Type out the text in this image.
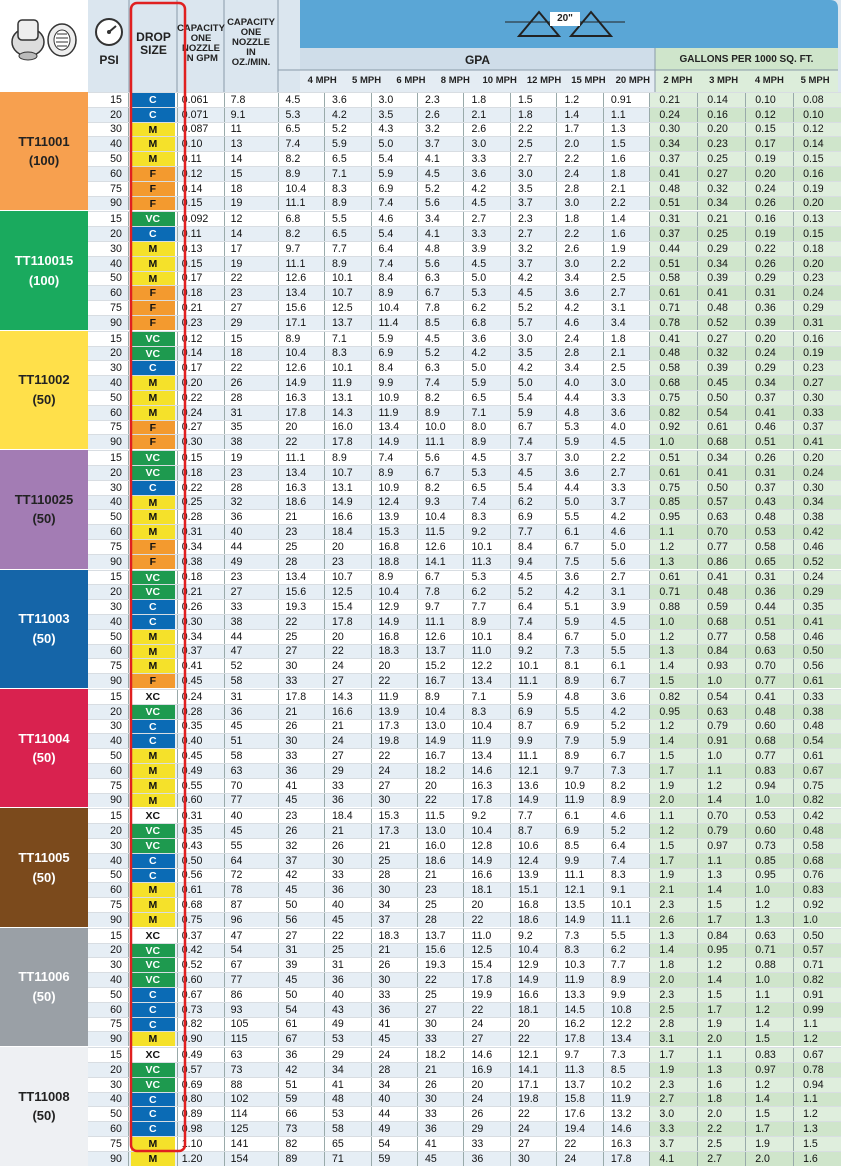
PSI
DROP
SIZE
CAPACITY
ONE
NOZZLE
IN GPM
CAPACITY
ONE
NOZZLE
IN
OZ./MIN.
20"
GPA	GALLONS PER 1000 SQ. FT.
4 MPH	5 MPH	6 MPH	8 MPH	10 MPH	12 MPH	15 MPH	20 MPH	2 MPH	3 MPH	4 MPH	5 MPH
TT11001
(100)
15	C	0.061	7.8	4.5	3.6	3.0	2.3	1.8	1.5	1.2	0.91	0.21	0.14	0.10	0.08
20	C	0.071	9.1	5.3	4.2	3.5	2.6	2.1	1.8	1.4	1.1	0.24	0.16	0.12	0.10
30	M	0.087	11	6.5	5.2	4.3	3.2	2.6	2.2	1.7	1.3	0.30	0.20	0.15	0.12
40	M	0.10	13	7.4	5.9	5.0	3.7	3.0	2.5	2.0	1.5	0.34	0.23	0.17	0.14
50	M	0.11	14	8.2	6.5	5.4	4.1	3.3	2.7	2.2	1.6	0.37	0.25	0.19	0.15
60	F	0.12	15	8.9	7.1	5.9	4.5	3.6	3.0	2.4	1.8	0.41	0.27	0.20	0.16
75	F	0.14	18	10.4	8.3	6.9	5.2	4.2	3.5	2.8	2.1	0.48	0.32	0.24	0.19
90	F	0.15	19	11.1	8.9	7.4	5.6	4.5	3.7	3.0	2.2	0.51	0.34	0.26	0.20
TT110015
(100)
15	VC	0.092	12	6.8	5.5	4.6	3.4	2.7	2.3	1.8	1.4	0.31	0.21	0.16	0.13
20	C	0.11	14	8.2	6.5	5.4	4.1	3.3	2.7	2.2	1.6	0.37	0.25	0.19	0.15
30	M	0.13	17	9.7	7.7	6.4	4.8	3.9	3.2	2.6	1.9	0.44	0.29	0.22	0.18
40	M	0.15	19	11.1	8.9	7.4	5.6	4.5	3.7	3.0	2.2	0.51	0.34	0.26	0.20
50	M	0.17	22	12.6	10.1	8.4	6.3	5.0	4.2	3.4	2.5	0.58	0.39	0.29	0.23
60	F	0.18	23	13.4	10.7	8.9	6.7	5.3	4.5	3.6	2.7	0.61	0.41	0.31	0.24
75	F	0.21	27	15.6	12.5	10.4	7.8	6.2	5.2	4.2	3.1	0.71	0.48	0.36	0.29
90	F	0.23	29	17.1	13.7	11.4	8.5	6.8	5.7	4.6	3.4	0.78	0.52	0.39	0.31
TT11002
(50)
15	VC	0.12	15	8.9	7.1	5.9	4.5	3.6	3.0	2.4	1.8	0.41	0.27	0.20	0.16
20	VC	0.14	18	10.4	8.3	6.9	5.2	4.2	3.5	2.8	2.1	0.48	0.32	0.24	0.19
30	C	0.17	22	12.6	10.1	8.4	6.3	5.0	4.2	3.4	2.5	0.58	0.39	0.29	0.23
40	M	0.20	26	14.9	11.9	9.9	7.4	5.9	5.0	4.0	3.0	0.68	0.45	0.34	0.27
50	M	0.22	28	16.3	13.1	10.9	8.2	6.5	5.4	4.4	3.3	0.75	0.50	0.37	0.30
60	M	0.24	31	17.8	14.3	11.9	8.9	7.1	5.9	4.8	3.6	0.82	0.54	0.41	0.33
75	F	0.27	35	20	16.0	13.4	10.0	8.0	6.7	5.3	4.0	0.92	0.61	0.46	0.37
90	F	0.30	38	22	17.8	14.9	11.1	8.9	7.4	5.9	4.5	1.0	0.68	0.51	0.41
TT110025
(50)
15	VC	0.15	19	11.1	8.9	7.4	5.6	4.5	3.7	3.0	2.2	0.51	0.34	0.26	0.20
20	VC	0.18	23	13.4	10.7	8.9	6.7	5.3	4.5	3.6	2.7	0.61	0.41	0.31	0.24
30	C	0.22	28	16.3	13.1	10.9	8.2	6.5	5.4	4.4	3.3	0.75	0.50	0.37	0.30
40	M	0.25	32	18.6	14.9	12.4	9.3	7.4	6.2	5.0	3.7	0.85	0.57	0.43	0.34
50	M	0.28	36	21	16.6	13.9	10.4	8.3	6.9	5.5	4.2	0.95	0.63	0.48	0.38
60	M	0.31	40	23	18.4	15.3	11.5	9.2	7.7	6.1	4.6	1.1	0.70	0.53	0.42
75	F	0.34	44	25	20	16.8	12.6	10.1	8.4	6.7	5.0	1.2	0.77	0.58	0.46
90	F	0.38	49	28	23	18.8	14.1	11.3	9.4	7.5	5.6	1.3	0.86	0.65	0.52
TT11003
(50)
15	VC	0.18	23	13.4	10.7	8.9	6.7	5.3	4.5	3.6	2.7	0.61	0.41	0.31	0.24
20	VC	0.21	27	15.6	12.5	10.4	7.8	6.2	5.2	4.2	3.1	0.71	0.48	0.36	0.29
30	C	0.26	33	19.3	15.4	12.9	9.7	7.7	6.4	5.1	3.9	0.88	0.59	0.44	0.35
40	C	0.30	38	22	17.8	14.9	11.1	8.9	7.4	5.9	4.5	1.0	0.68	0.51	0.41
50	M	0.34	44	25	20	16.8	12.6	10.1	8.4	6.7	5.0	1.2	0.77	0.58	0.46
60	M	0.37	47	27	22	18.3	13.7	11.0	9.2	7.3	5.5	1.3	0.84	0.63	0.50
75	M	0.41	52	30	24	20	15.2	12.2	10.1	8.1	6.1	1.4	0.93	0.70	0.56
90	F	0.45	58	33	27	22	16.7	13.4	11.1	8.9	6.7	1.5	1.0	0.77	0.61
TT11004
(50)
15	XC	0.24	31	17.8	14.3	11.9	8.9	7.1	5.9	4.8	3.6	0.82	0.54	0.41	0.33
20	VC	0.28	36	21	16.6	13.9	10.4	8.3	6.9	5.5	4.2	0.95	0.63	0.48	0.38
30	C	0.35	45	26	21	17.3	13.0	10.4	8.7	6.9	5.2	1.2	0.79	0.60	0.48
40	C	0.40	51	30	24	19.8	14.9	11.9	9.9	7.9	5.9	1.4	0.91	0.68	0.54
50	M	0.45	58	33	27	22	16.7	13.4	11.1	8.9	6.7	1.5	1.0	0.77	0.61
60	M	0.49	63	36	29	24	18.2	14.6	12.1	9.7	7.3	1.7	1.1	0.83	0.67
75	M	0.55	70	41	33	27	20	16.3	13.6	10.9	8.2	1.9	1.2	0.94	0.75
90	M	0.60	77	45	36	30	22	17.8	14.9	11.9	8.9	2.0	1.4	1.0	0.82
TT11005
(50)
15	XC	0.31	40	23	18.4	15.3	11.5	9.2	7.7	6.1	4.6	1.1	0.70	0.53	0.42
20	VC	0.35	45	26	21	17.3	13.0	10.4	8.7	6.9	5.2	1.2	0.79	0.60	0.48
30	VC	0.43	55	32	26	21	16.0	12.8	10.6	8.5	6.4	1.5	0.97	0.73	0.58
40	C	0.50	64	37	30	25	18.6	14.9	12.4	9.9	7.4	1.7	1.1	0.85	0.68
50	C	0.56	72	42	33	28	21	16.6	13.9	11.1	8.3	1.9	1.3	0.95	0.76
60	M	0.61	78	45	36	30	23	18.1	15.1	12.1	9.1	2.1	1.4	1.0	0.83
75	M	0.68	87	50	40	34	25	20	16.8	13.5	10.1	2.3	1.5	1.2	0.92
90	M	0.75	96	56	45	37	28	22	18.6	14.9	11.1	2.6	1.7	1.3	1.0
TT11006
(50)
15	XC	0.37	47	27	22	18.3	13.7	11.0	9.2	7.3	5.5	1.3	0.84	0.63	0.50
20	VC	0.42	54	31	25	21	15.6	12.5	10.4	8.3	6.2	1.4	0.95	0.71	0.57
30	VC	0.52	67	39	31	26	19.3	15.4	12.9	10.3	7.7	1.8	1.2	0.88	0.71
40	VC	0.60	77	45	36	30	22	17.8	14.9	11.9	8.9	2.0	1.4	1.0	0.82
50	C	0.67	86	50	40	33	25	19.9	16.6	13.3	9.9	2.3	1.5	1.1	0.91
60	C	0.73	93	54	43	36	27	22	18.1	14.5	10.8	2.5	1.7	1.2	0.99
75	C	0.82	105	61	49	41	30	24	20	16.2	12.2	2.8	1.9	1.4	1.1
90	M	0.90	115	67	53	45	33	27	22	17.8	13.4	3.1	2.0	1.5	1.2
TT11008
(50)
15	XC	0.49	63	36	29	24	18.2	14.6	12.1	9.7	7.3	1.7	1.1	0.83	0.67
20	VC	0.57	73	42	34	28	21	16.9	14.1	11.3	8.5	1.9	1.3	0.97	0.78
30	VC	0.69	88	51	41	34	26	20	17.1	13.7	10.2	2.3	1.6	1.2	0.94
40	C	0.80	102	59	48	40	30	24	19.8	15.8	11.9	2.7	1.8	1.4	1.1
50	C	0.89	114	66	53	44	33	26	22	17.6	13.2	3.0	2.0	1.5	1.2
60	C	0.98	125	73	58	49	36	29	24	19.4	14.6	3.3	2.2	1.7	1.3
75	M	1.10	141	82	65	54	41	33	27	22	16.3	3.7	2.5	1.9	1.5
90	M	1.20	154	89	71	59	45	36	30	24	17.8	4.1	2.7	2.0	1.6
